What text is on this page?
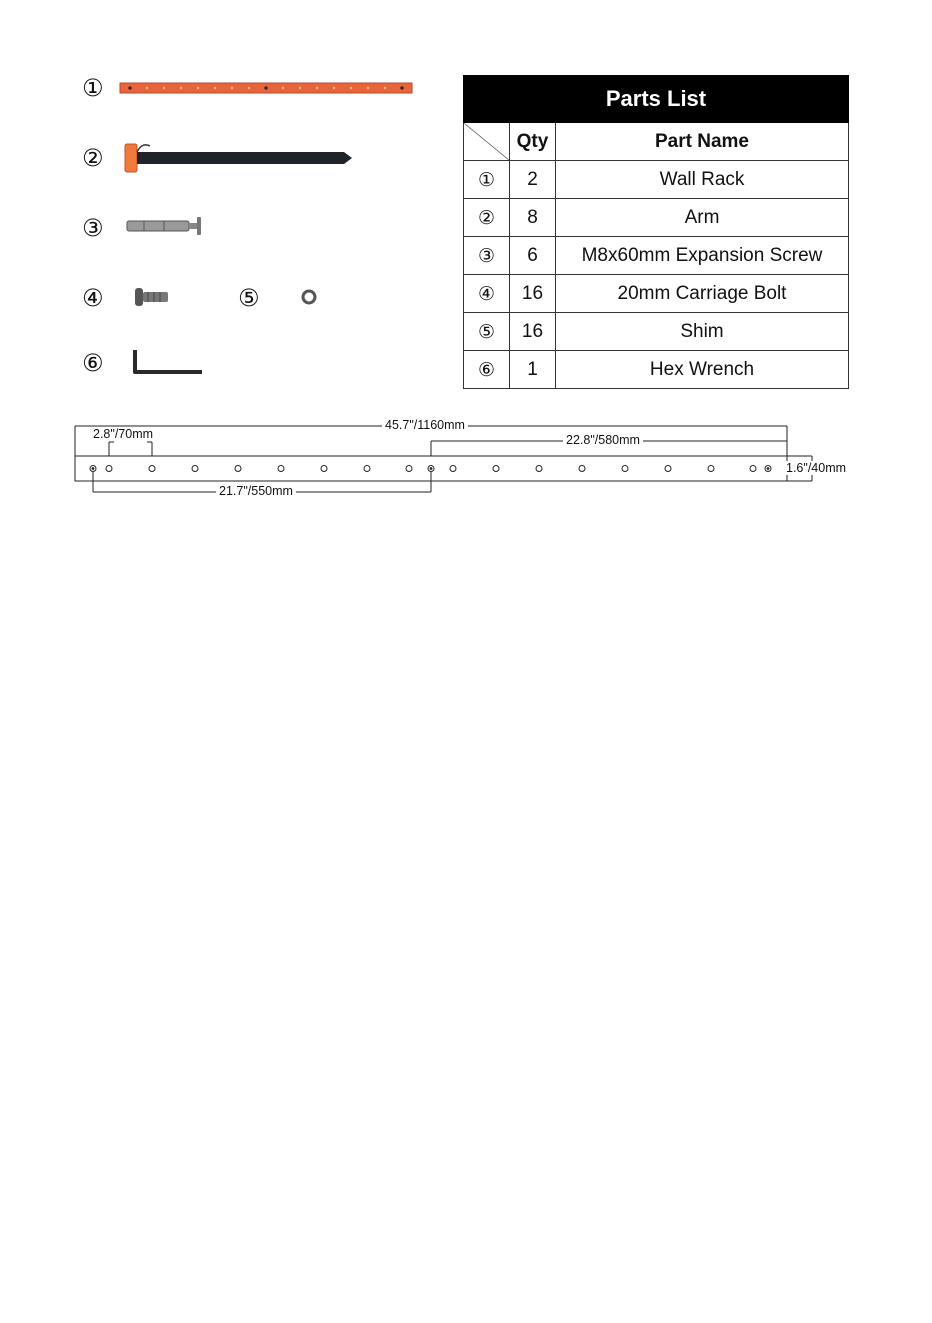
①
②
③
④	⑤
⑥
Parts List		
	Qty	Part Name
①	2	Wall Rack
②	8	Arm
③	6	M8x60mm Expansion Screw
④	16	20mm Carriage Bolt
⑤	16	Shim
⑥	1	Hex Wrench
45.7"/1160mm
2.8"/70mm	22.8"/580mm
1.6"/40mm
21.7"/550mm
